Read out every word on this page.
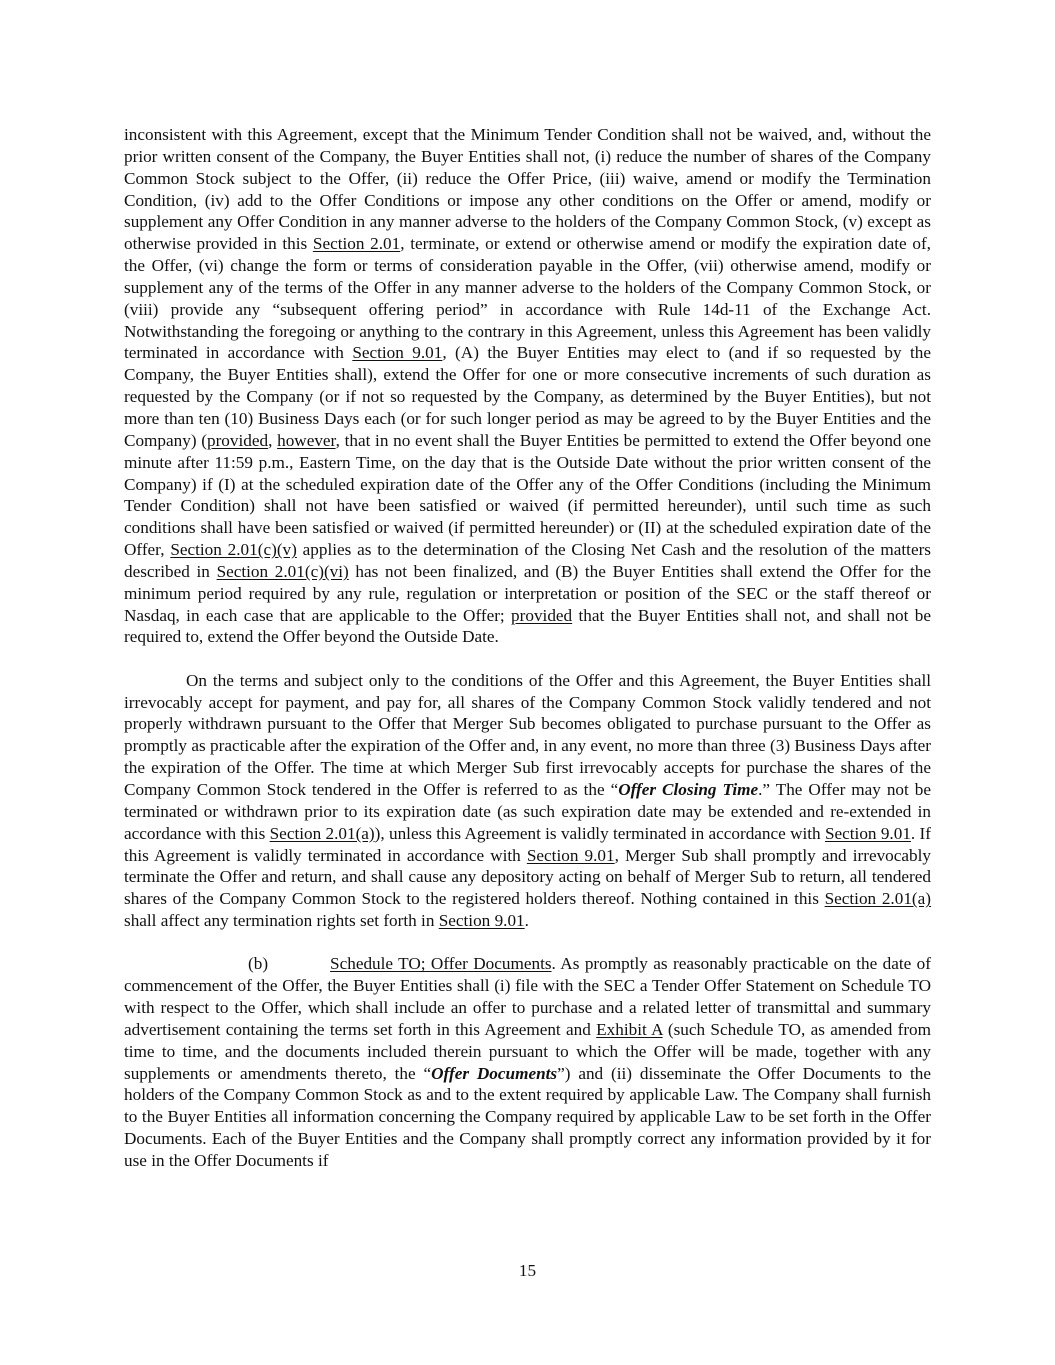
inconsistent with this Agreement, except that the Minimum Tender Condition shall not be waived, and, without the prior written consent of the Company, the Buyer Entities shall not, (i) reduce the number of shares of the Company Common Stock subject to the Offer, (ii) reduce the Offer Price, (iii) waive, amend or modify the Termination Condition, (iv) add to the Offer Conditions or impose any other conditions on the Offer or amend, modify or supplement any Offer Condition in any manner adverse to the holders of the Company Common Stock, (v) except as otherwise provided in this Section 2.01, terminate, or extend or otherwise amend or modify the expiration date of, the Offer, (vi) change the form or terms of consideration payable in the Offer, (vii) otherwise amend, modify or supplement any of the terms of the Offer in any manner adverse to the holders of the Company Common Stock, or (viii) provide any “subsequent offering period” in accordance with Rule 14d-11 of the Exchange Act. Notwithstanding the foregoing or anything to the contrary in this Agreement, unless this Agreement has been validly terminated in accordance with Section 9.01, (A) the Buyer Entities may elect to (and if so requested by the Company, the Buyer Entities shall), extend the Offer for one or more consecutive increments of such duration as requested by the Company (or if not so requested by the Company, as determined by the Buyer Entities), but not more than ten (10) Business Days each (or for such longer period as may be agreed to by the Buyer Entities and the Company) (provided, however, that in no event shall the Buyer Entities be permitted to extend the Offer beyond one minute after 11:59 p.m., Eastern Time, on the day that is the Outside Date without the prior written consent of the Company) if (I) at the scheduled expiration date of the Offer any of the Offer Conditions (including the Minimum Tender Condition) shall not have been satisfied or waived (if permitted hereunder), until such time as such conditions shall have been satisfied or waived (if permitted hereunder) or (II) at the scheduled expiration date of the Offer, Section 2.01(c)(v) applies as to the determination of the Closing Net Cash and the resolution of the matters described in Section 2.01(c)(vi) has not been finalized, and (B) the Buyer Entities shall extend the Offer for the minimum period required by any rule, regulation or interpretation or position of the SEC or the staff thereof or Nasdaq, in each case that are applicable to the Offer; provided that the Buyer Entities shall not, and shall not be required to, extend the Offer beyond the Outside Date.

On the terms and subject only to the conditions of the Offer and this Agreement, the Buyer Entities shall irrevocably accept for payment, and pay for, all shares of the Company Common Stock validly tendered and not properly withdrawn pursuant to the Offer that Merger Sub becomes obligated to purchase pursuant to the Offer as promptly as practicable after the expiration of the Offer and, in any event, no more than three (3) Business Days after the expiration of the Offer. The time at which Merger Sub first irrevocably accepts for purchase the shares of the Company Common Stock tendered in the Offer is referred to as the “Offer Closing Time.” The Offer may not be terminated or withdrawn prior to its expiration date (as such expiration date may be extended and re-extended in accordance with this Section 2.01(a)), unless this Agreement is validly terminated in accordance with Section 9.01. If this Agreement is validly terminated in accordance with Section 9.01, Merger Sub shall promptly and irrevocably terminate the Offer and return, and shall cause any depository acting on behalf of Merger Sub to return, all tendered shares of the Company Common Stock to the registered holders thereof. Nothing contained in this Section 2.01(a) shall affect any termination rights set forth in Section 9.01.

(b)	Schedule TO; Offer Documents. As promptly as reasonably practicable on the date of commencement of the Offer, the Buyer Entities shall (i) file with the SEC a Tender Offer Statement on Schedule TO with respect to the Offer, which shall include an offer to purchase and a related letter of transmittal and summary advertisement containing the terms set forth in this Agreement and Exhibit A (such Schedule TO, as amended from time to time, and the documents included therein pursuant to which the Offer will be made, together with any supplements or amendments thereto, the “Offer Documents”) and (ii) disseminate the Offer Documents to the holders of the Company Common Stock as and to the extent required by applicable Law. The Company shall furnish to the Buyer Entities all information concerning the Company required by applicable Law to be set forth in the Offer Documents. Each of the Buyer Entities and the Company shall promptly correct any information provided by it for use in the Offer Documents if

15
